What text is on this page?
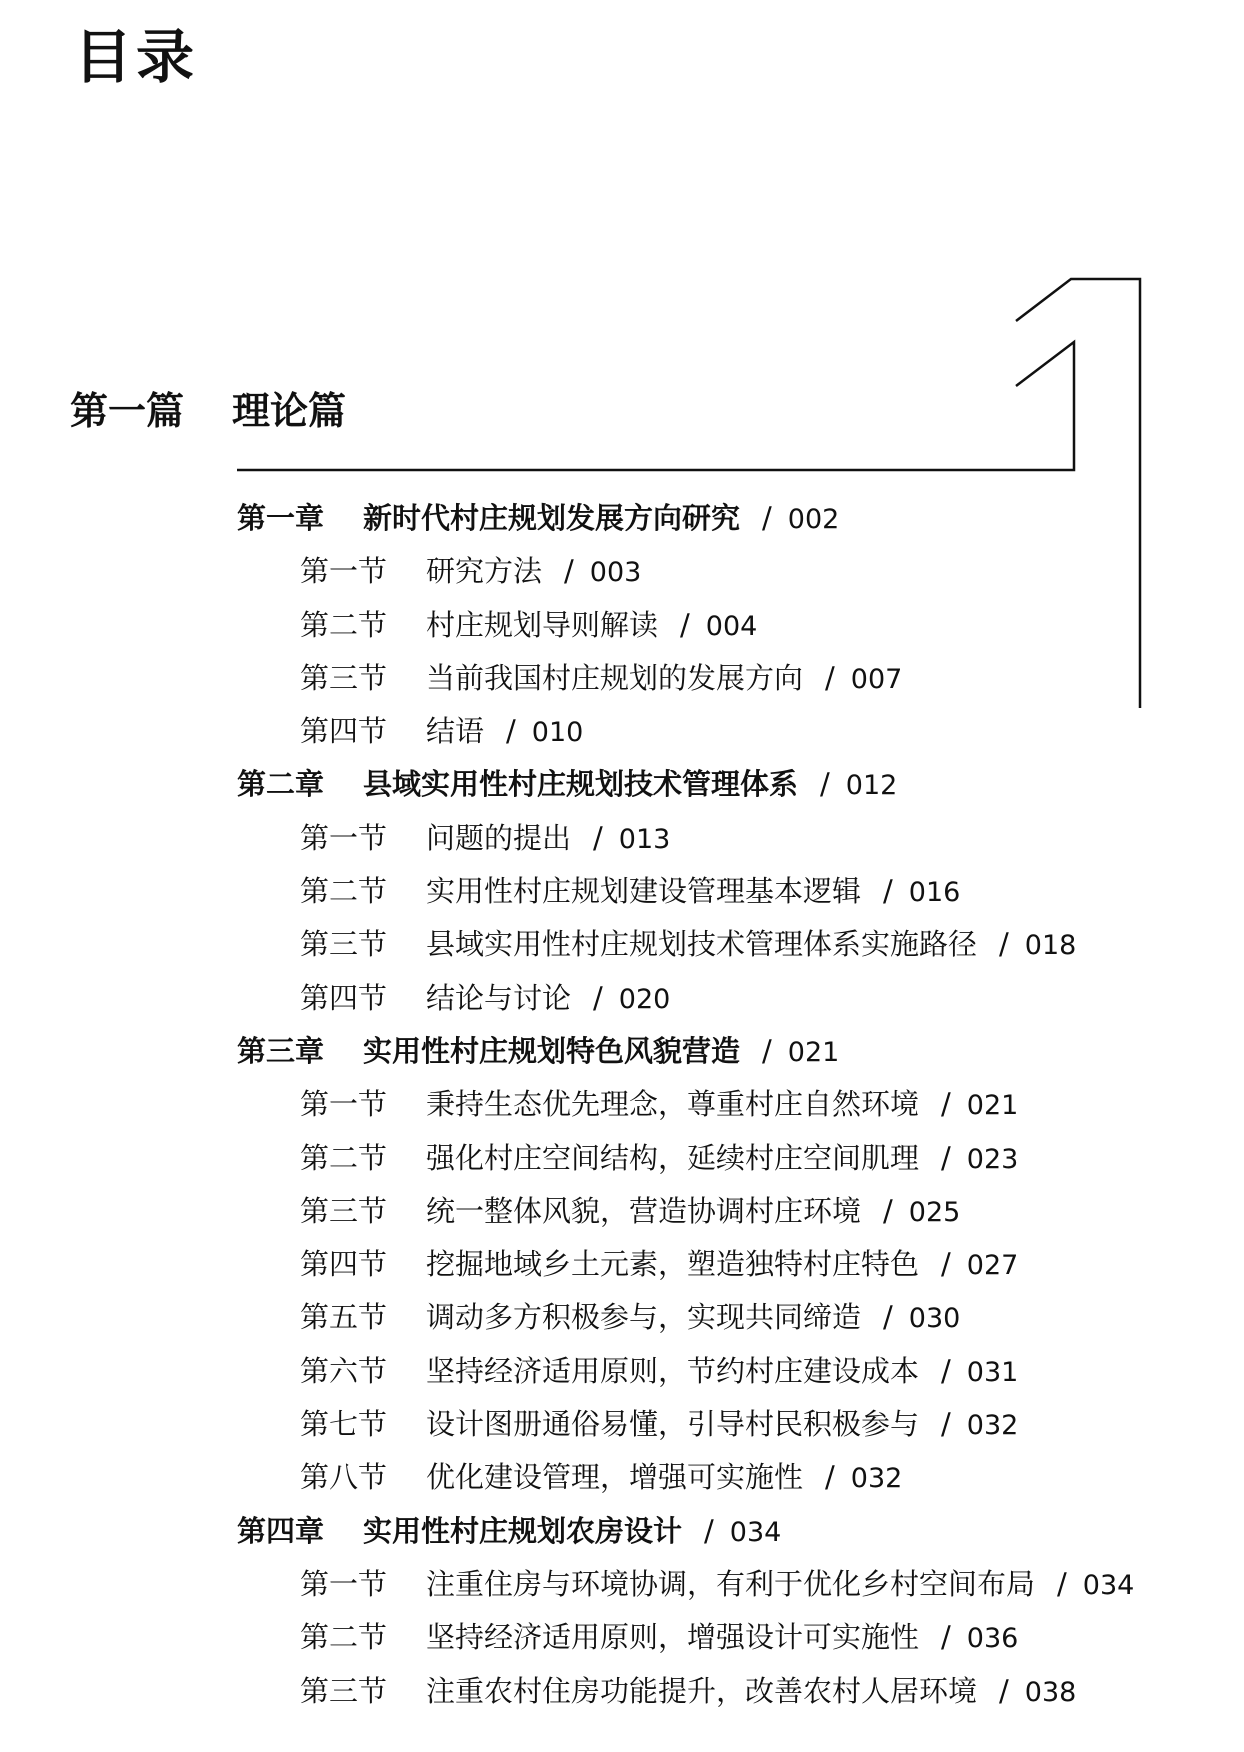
目录
第一篇 理论篇
第一章 新时代村庄规划发展方向研究 / 002
第一节 研究方法 / 003
第二节 村庄规划导则解读 / 004
第三节 当前我国村庄规划的发展方向 / 007
第四节 结语 / 010
第二章 县域实用性村庄规划技术管理体系 / 012
第一节 问题的提出 / 013
第二节 实用性村庄规划建设管理基本逻辑 / 016
第三节 县域实用性村庄规划技术管理体系实施路径 / 018
第四节 结论与讨论 / 020
第三章 实用性村庄规划特色风貌营造 / 021
第一节 秉持生态优先理念，尊重村庄自然环境 / 021
第二节 强化村庄空间结构，延续村庄空间肌理 / 023
第三节 统一整体风貌，营造协调村庄环境 / 025
第四节 挖掘地域乡土元素，塑造独特村庄特色 / 027
第五节 调动多方积极参与，实现共同缔造 / 030
第六节 坚持经济适用原则，节约村庄建设成本 / 031
第七节 设计图册通俗易懂，引导村民积极参与 / 032
第八节 优化建设管理，增强可实施性 / 032
第四章 实用性村庄规划农房设计 / 034
第一节 注重住房与环境协调，有利于优化乡村空间布局 / 034
第二节 坚持经济适用原则，增强设计可实施性 / 036
第三节 注重农村住房功能提升，改善农村人居环境 / 038
